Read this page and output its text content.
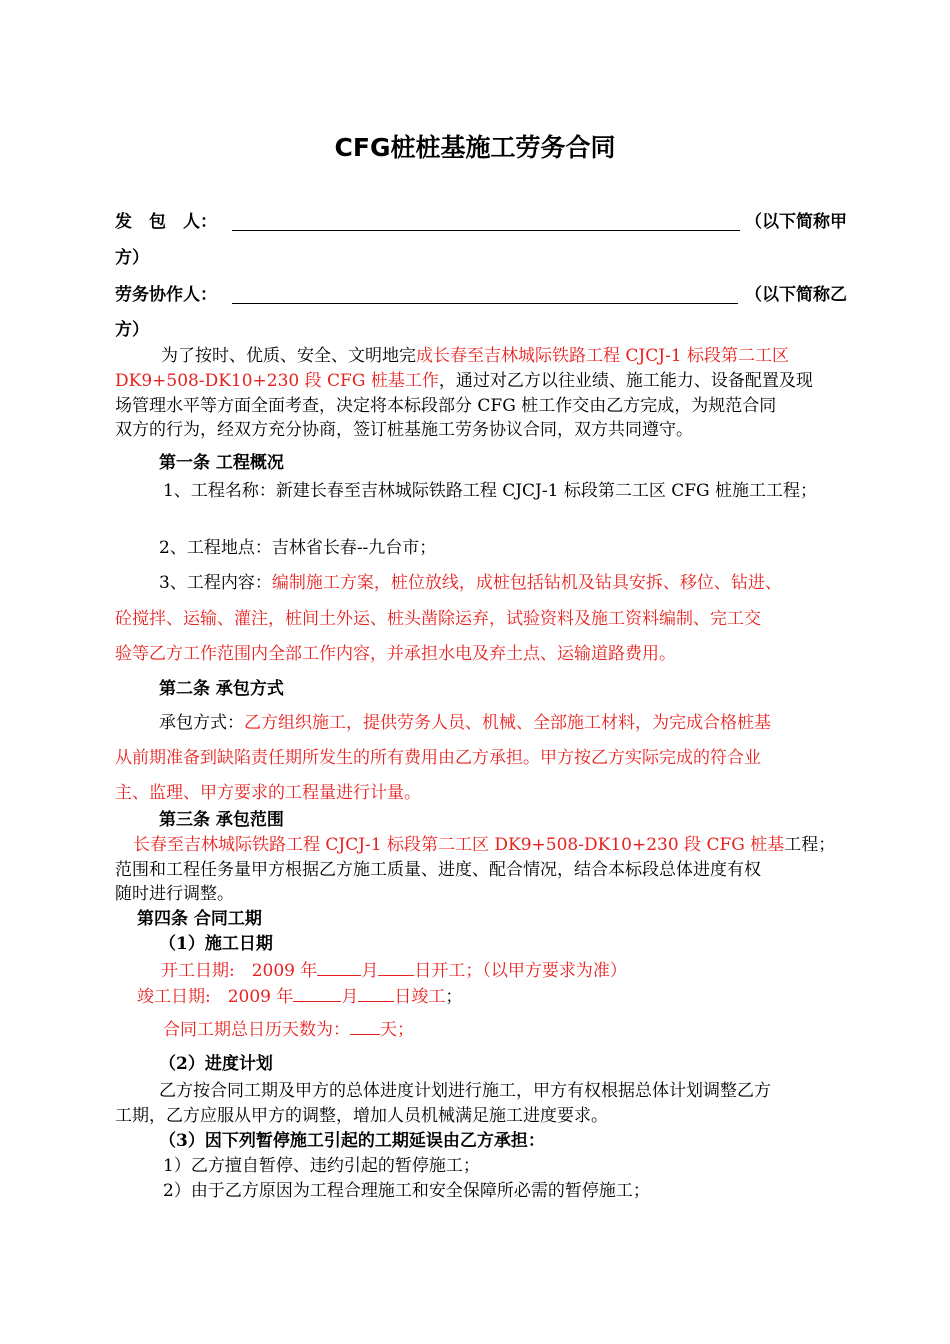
CFG桩桩基施工劳务合同
发　包　人：	（以下简称甲
方）
劳务协作人：	（以下简称乙
方）
为了按时、优质、安全、文明地完成长春至吉林城际铁路工程 CJCJ-1 标段第二工区
DK9+508-DK10+230 段 CFG 桩基工作，通过对乙方以往业绩、施工能力、设备配置及现
场管理水平等方面全面考查，决定将本标段部分 CFG 桩工作交由乙方完成，为规范合同
双方的行为，经双方充分协商，签订桩基施工劳务协议合同，双方共同遵守。
第一条 工程概况
1、工程名称：新建长春至吉林城际铁路工程 CJCJ-1 标段第二工区 CFG 桩施工工程；
2、工程地点：吉林省长春--九台市；
3、工程内容：编制施工方案，桩位放线，成桩包括钻机及钻具安拆、移位、钻进、
砼搅拌、运输、灌注，桩间土外运、桩头凿除运弃，试验资料及施工资料编制、完工交
验等乙方工作范围内全部工作内容，并承担水电及弃土点、运输道路费用。
第二条 承包方式
承包方式：乙方组织施工，提供劳务人员、机械、全部施工材料，为完成合格桩基
从前期准备到缺陷责任期所发生的所有费用由乙方承担。甲方按乙方实际完成的符合业
主、监理、甲方要求的工程量进行计量。
第三条 承包范围
长春至吉林城际铁路工程 CJCJ-1 标段第二工区 DK9+508-DK10+230 段 CFG 桩基工程；
范围和工程任务量甲方根据乙方施工质量、进度、配合情况，结合本标段总体进度有权
随时进行调整。
第四条 合同工期
（1）施工日期
开工日期:　2009 年	月 日开工；（以甲方要求为准）
竣工日期:　2009 年	月 日竣工；
合同工期总日历天数为： 天；
（2）进度计划
乙方按合同工期及甲方的总体进度计划进行施工，甲方有权根据总体计划调整乙方
工期，乙方应服从甲方的调整，增加人员机械满足施工进度要求。
（3）因下列暂停施工引起的工期延误由乙方承担：
1）乙方擅自暂停、违约引起的暂停施工；
2）由于乙方原因为工程合理施工和安全保障所必需的暂停施工；
